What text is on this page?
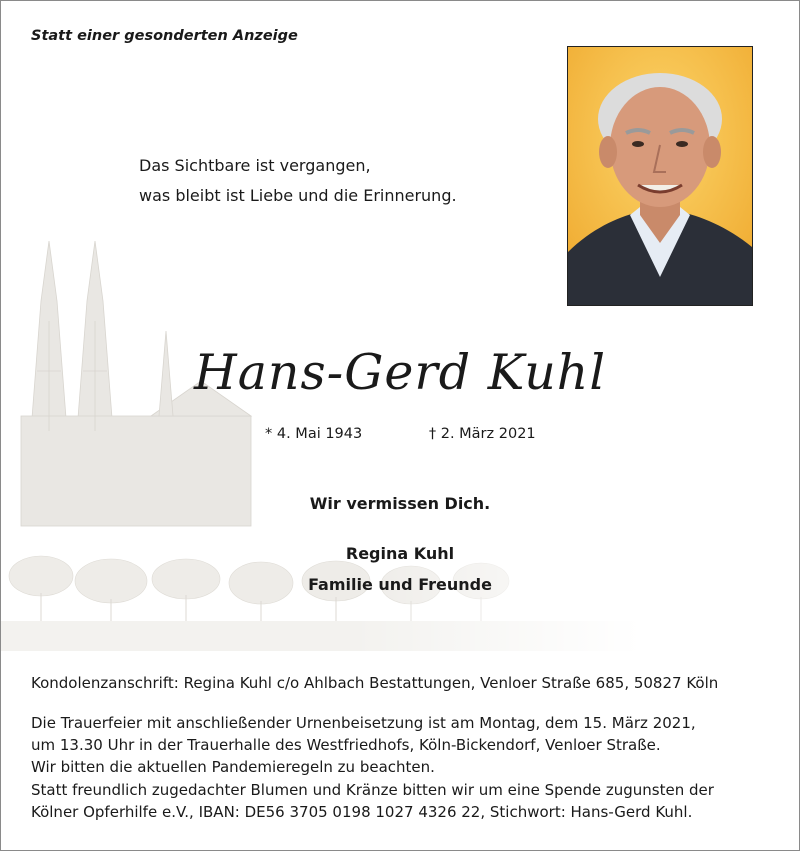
Statt einer gesonderten Anzeige
Das Sichtbare ist vergangen,
was bleibt ist Liebe und die Erinnerung.
Hans-Gerd Kuhl
* 4. Mai 1943	† 2. März 2021
Wir vermissen Dich.
Regina Kuhl
Familie und Freunde
Kondolenzanschrift: Regina Kuhl c/o Ahlbach Bestattungen, Venloer Straße 685, 50827 Köln
Die Trauerfeier mit anschließender Urnenbeisetzung ist am Montag, dem 15. März 2021,
um 13.30 Uhr in der Trauerhalle des Westfriedhofs, Köln-Bickendorf, Venloer Straße.
Wir bitten die aktuellen Pandemieregeln zu beachten.
Statt freundlich zugedachter Blumen und Kränze bitten wir um eine Spende zugunsten der
Kölner Opferhilfe e.V., IBAN: DE56 3705 0198 1027 4326 22, Stichwort: Hans-Gerd Kuhl.
